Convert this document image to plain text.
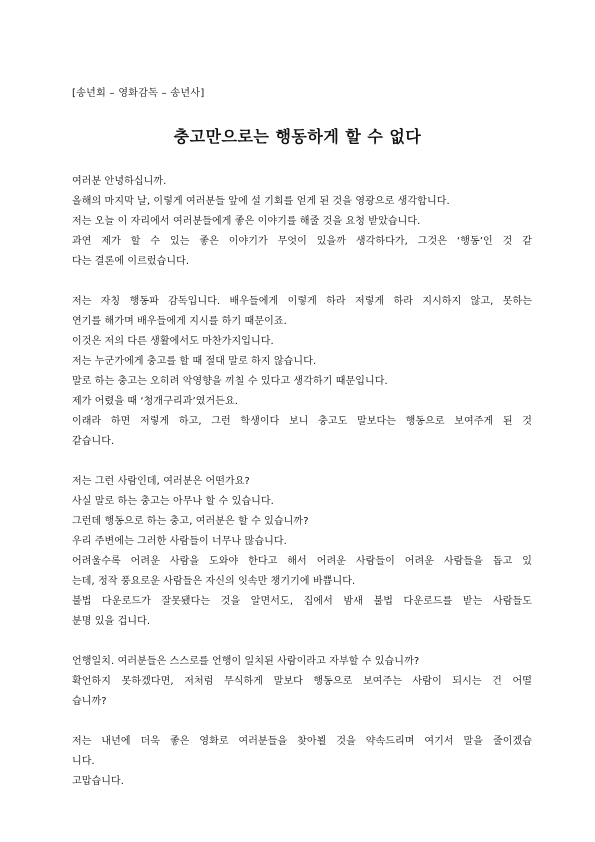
[송년회 – 영화감독 – 송년사]
충고만으로는 행동하게 할 수 없다
여러분 안녕하십니까.
올해의 마지막 날, 이렇게 여러분들 앞에 설 기회를 얻게 된 것을 영광으로 생각합니다.
저는 오늘 이 자리에서 여러분들에게 좋은 이야기를 해줄 것을 요청 받았습니다.
과연 제가 할 수 있는 좋은 이야기가 무엇이 있을까 생각하다가, 그것은 ‘행동’인 것 같
다는 결론에 이르렀습니다.
저는 자칭 행동파 감독입니다. 배우들에게 이렇게 하라 저렇게 하라 지시하지 않고, 못하는
연기를 해가며 배우들에게 지시를 하기 때문이죠.
이것은 저의 다른 생활에서도 마찬가지입니다.
저는 누군가에게 충고를 할 때 절대 말로 하지 않습니다.
말로 하는 충고는 오히려 악영향을 끼칠 수 있다고 생각하기 때문입니다.
제가 어렸을 때 ‘청개구리과’였거든요.
이래라 하면 저렇게 하고, 그런 학생이다 보니 충고도 말보다는 행동으로 보여주게 된 것
같습니다.
저는 그런 사람인데, 여러분은 어떤가요?
사실 말로 하는 충고는 아무나 할 수 있습니다.
그런데 행동으로 하는 충고, 여러분은 할 수 있습니까?
우리 주변에는 그러한 사람들이 너무나 많습니다.
어려울수록 어려운 사람을 도와야 한다고 해서 어려운 사람들이 어려운 사람들을 돕고 있
는데, 정작 풍요로운 사람들은 자신의 잇속만 챙기기에 바쁩니다.
불법 다운로드가 잘못됐다는 것을 알면서도, 집에서 밤새 불법 다운로드를 받는 사람들도
분명 있을 겁니다.
언행일치. 여러분들은 스스로를 언행이 일치된 사람이라고 자부할 수 있습니까?
확언하지 못하겠다면, 저처럼 무식하게 말보다 행동으로 보여주는 사람이 되시는 건 어떨
습니까?
저는 내년에 더욱 좋은 영화로 여러분들을 찾아뵐 것을 약속드리며 여기서 말을 줄이겠습
니다.
고맙습니다.
